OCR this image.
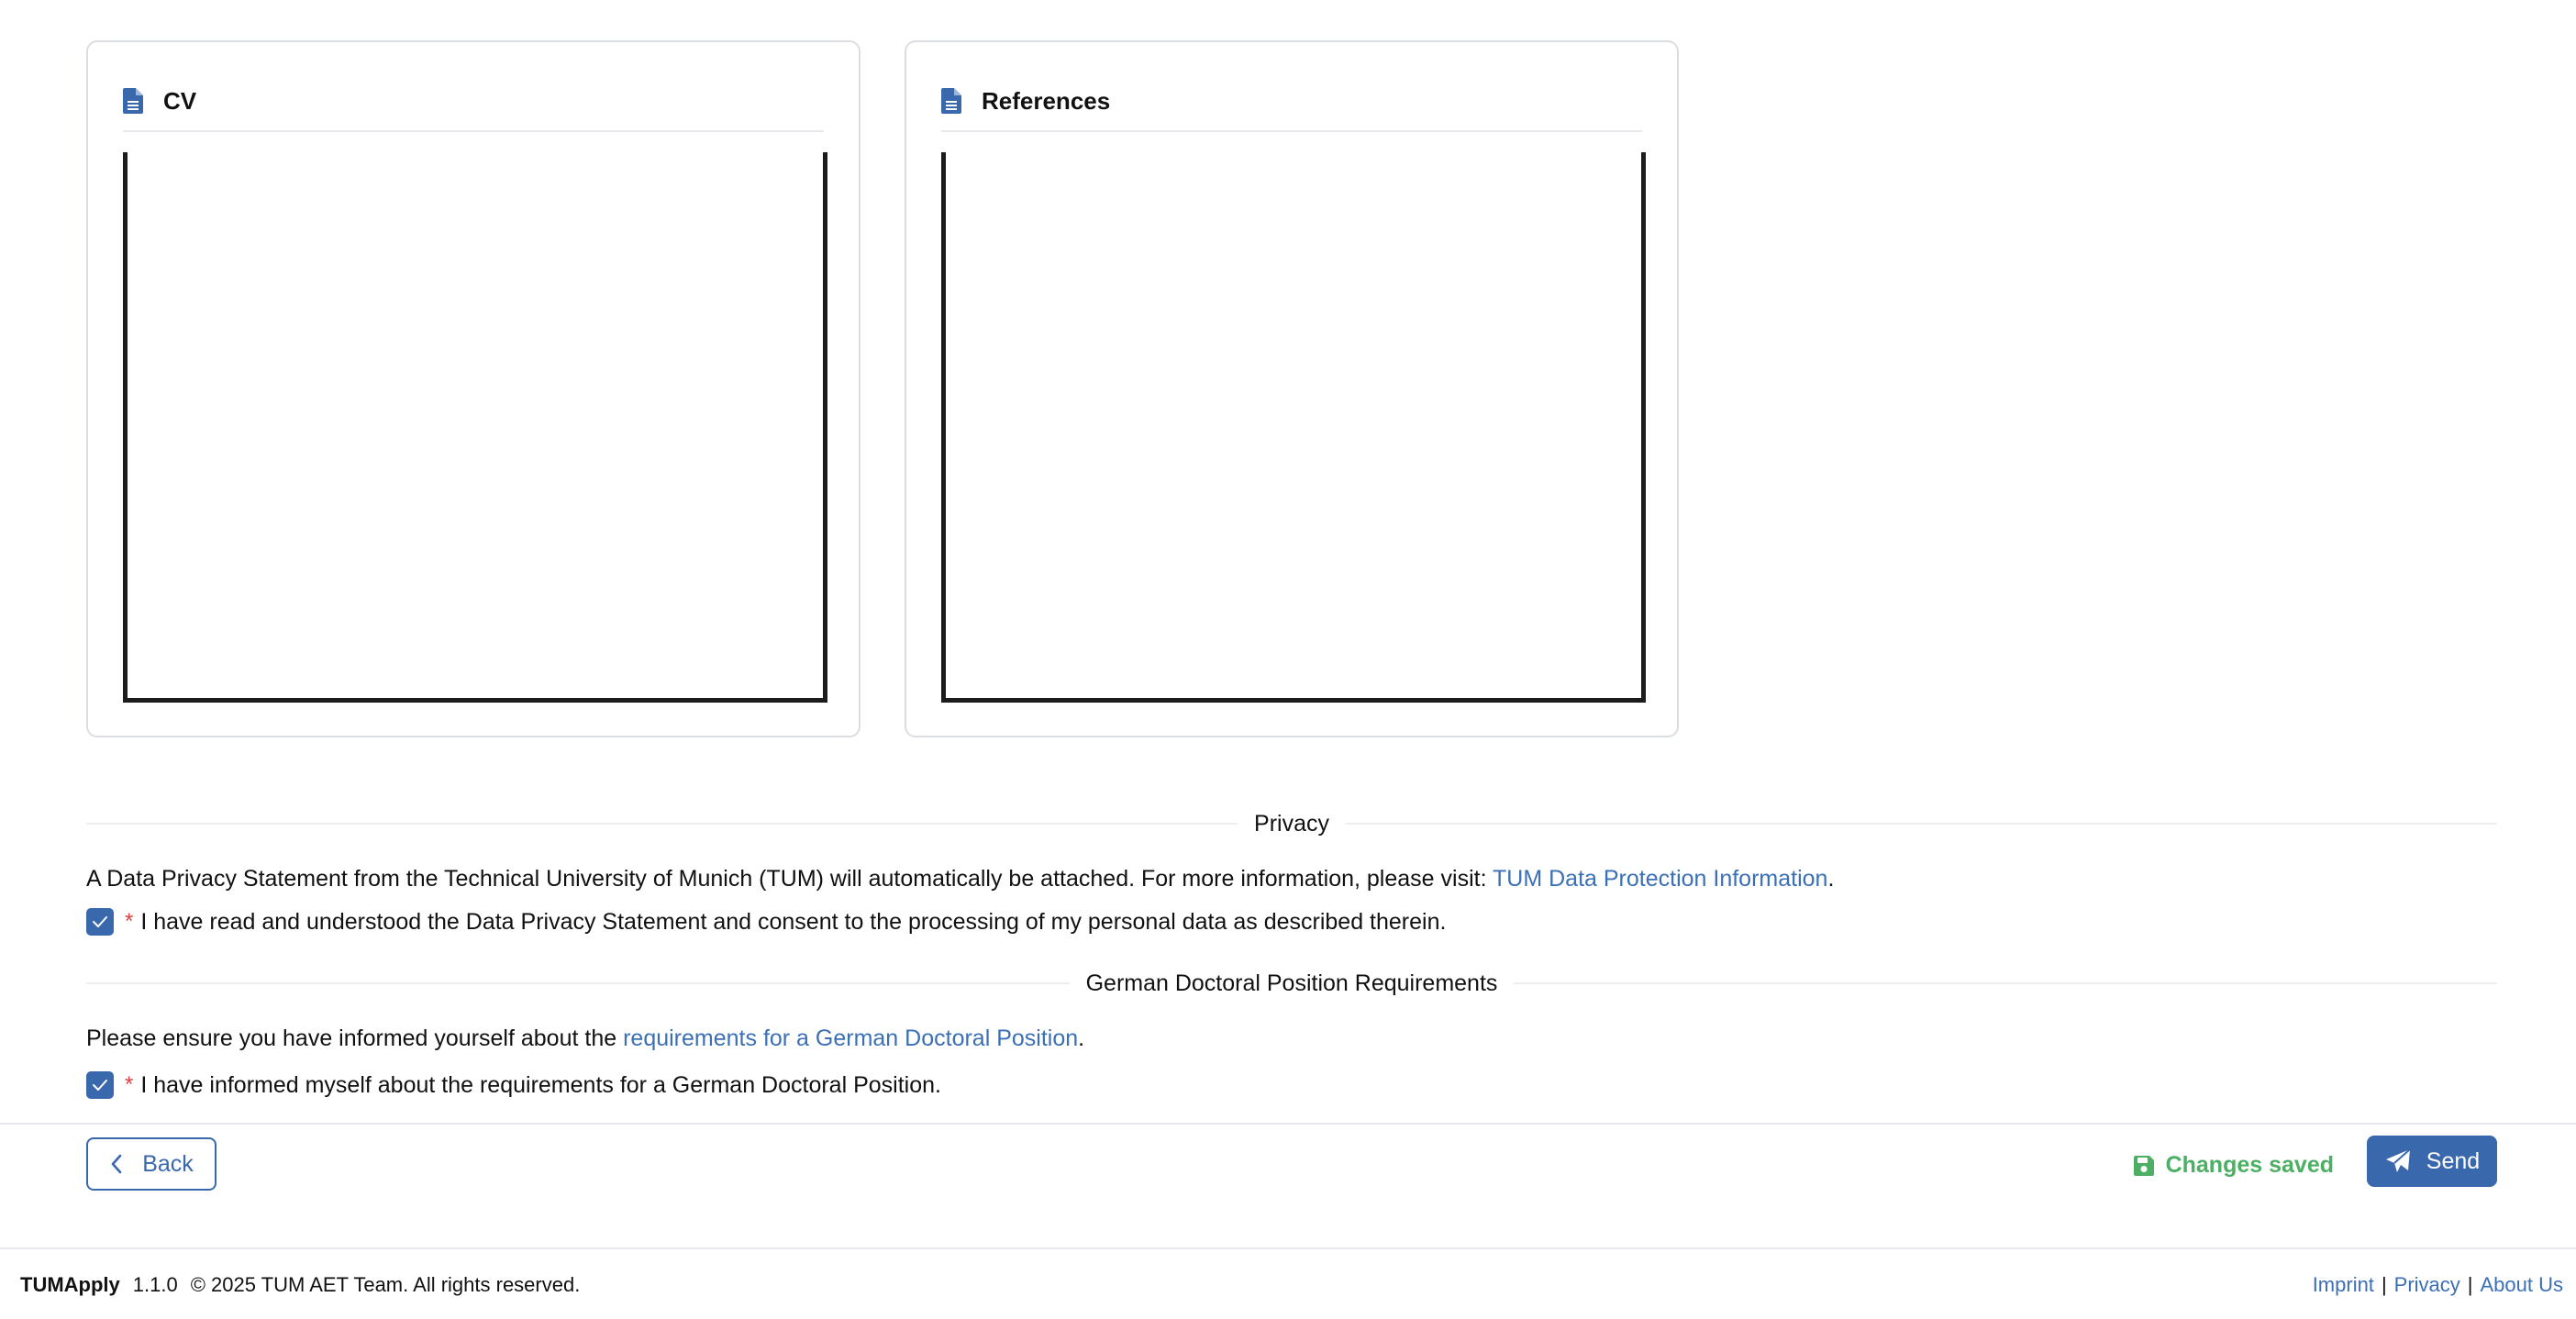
CV	References
Privacy
A Data Privacy Statement from the Technical University of Munich (TUM) will automatically be attached. For more information, please visit: TUM Data Protection Information.
* I have read and understood the Data Privacy Statement and consent to the processing of my personal data as described therein.
German Doctoral Position Requirements
Please ensure you have informed yourself about the requirements for a German Doctoral Position.
* I have informed myself about the requirements for a German Doctoral Position.
Back	Changes saved	Send
TUMApply 1.1.0 © 2025 TUM AET Team. All rights reserved.	Imprint | Privacy | About Us
